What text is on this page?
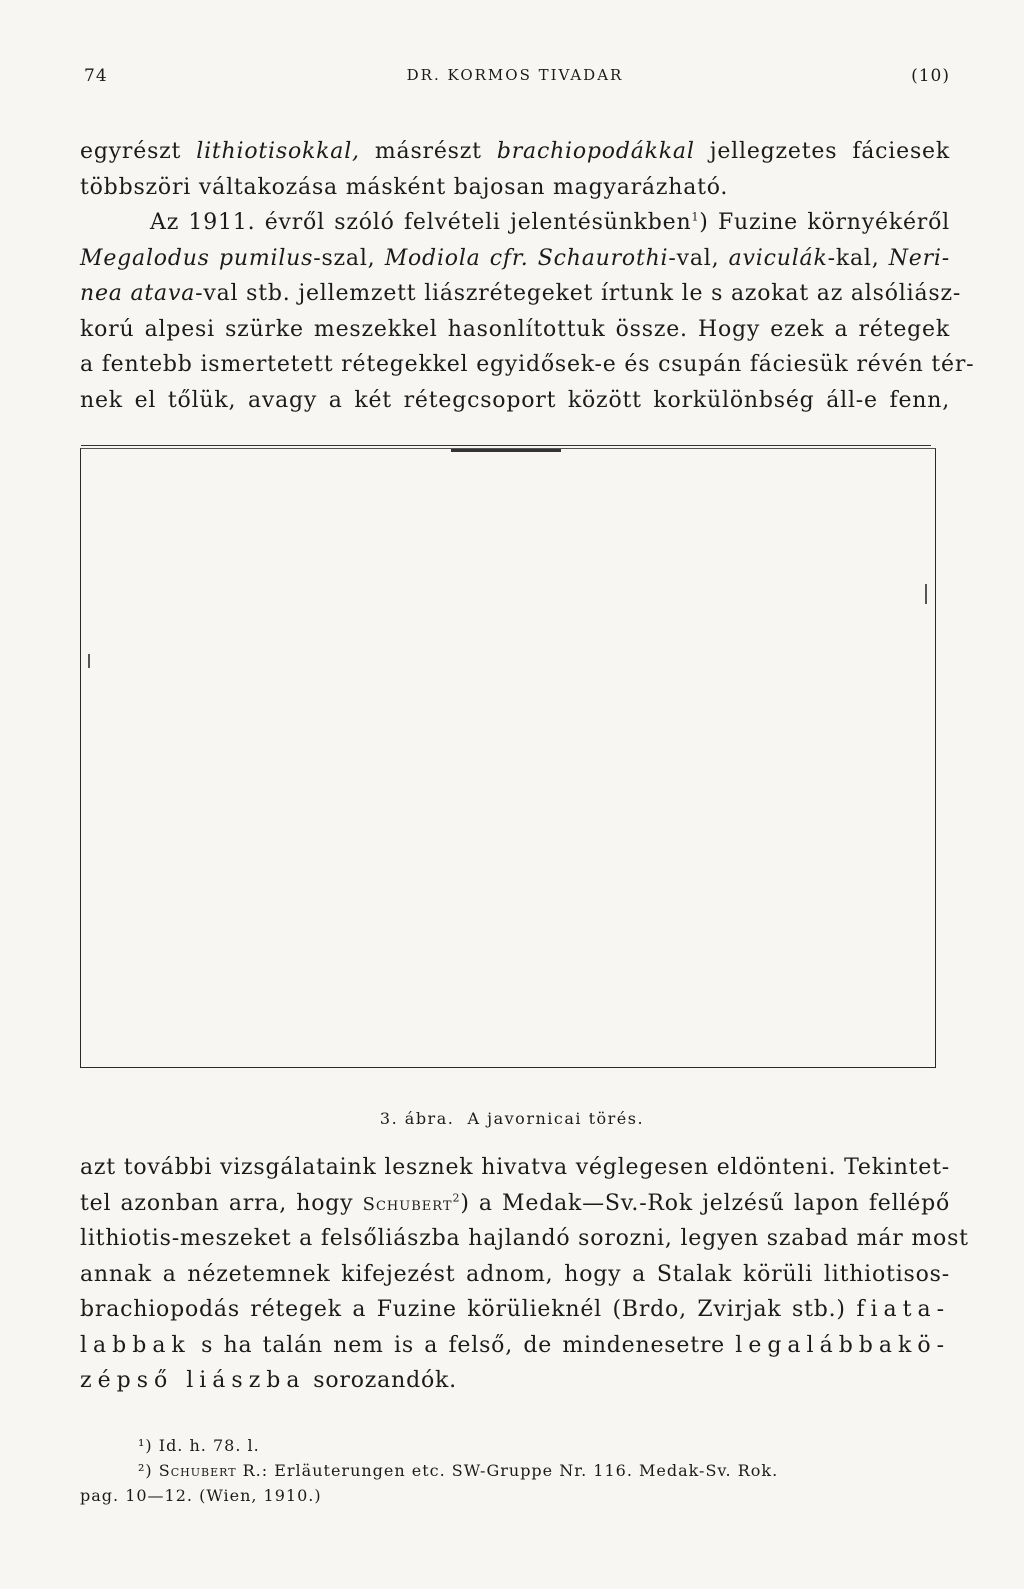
74	DR. KORMOS TIVADAR	(10)
egyrészt lithiotisokkal, másrészt brachiopodákkal jellegzetes fáciesek
többszöri váltakozása másként bajosan magyarázható.
Az 1911. évről szóló felvételi jelentésünkben$^1$) Fuzine környékéről
Megalodus pumilus-szal, Modiola cfr. Schaurothi-val, aviculák-kal, Neri-
nea atava-val stb. jellemzett liászrétegeket írtunk le s azokat az alsóliász-
korú alpesi szürke meszekkel hasonlítottuk össze. Hogy ezek a rétegek
a fentebb ismertetett rétegekkel egyidősek-e és csupán fáciesük révén tér-
nek el tőlük, avagy a két rétegcsoport között korkülönbség áll-e fenn,
3. ábra. A javornicai törés.
azt további vizsgálataink lesznek hivatva véglegesen eldönteni. Tekintet-
tel azonban arra, hogy Schubert$^2$) a Medak—Sv.-Rok jelzésű lapon fellépő
lithiotis-meszeket a felsőliászba hajlandó sorozni, legyen szabad már most
annak a nézetemnek kifejezést adnom, hogy a Stalak körüli lithiotisos-
brachiopodás rétegek a Fuzine körülieknél (Brdo, Zvirjak stb.) fiata-
labbak s ha talán nem is a felső, de mindenesetre legalábbakö-
zépső liászba sorozandók.
¹) Id. h. 78. l.
²) Schubert R.: Erläuterungen etc. SW-Gruppe Nr. 116. Medak-Sv. Rok.
pag. 10—12. (Wien, 1910.)
